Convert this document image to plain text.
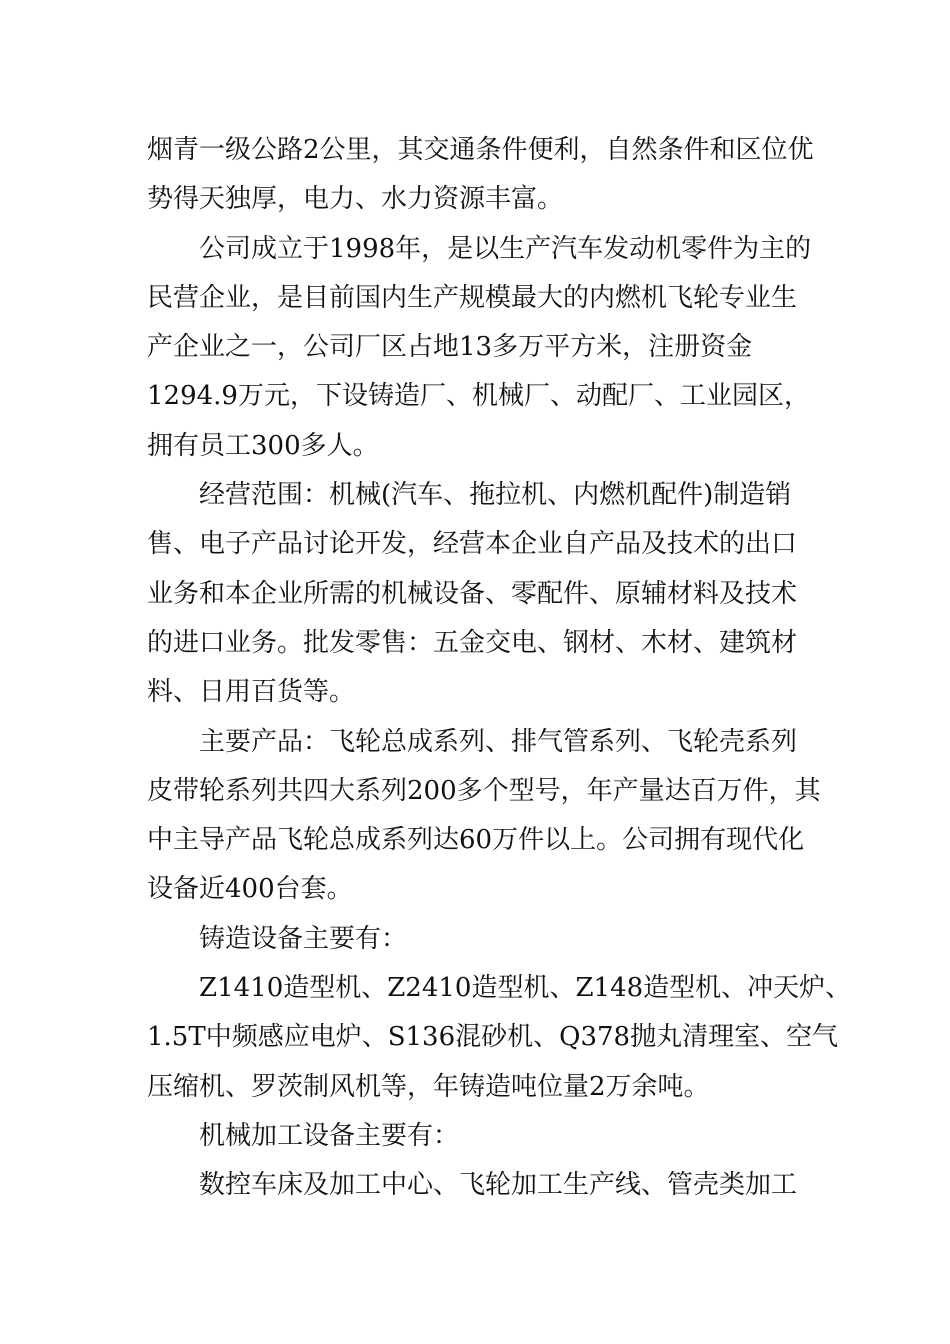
烟青一级公路2公里，其交通条件便利，自然条件和区位优
势得天独厚，电力、水力资源丰富。

公司成立于1998年，是以生产汽车发动机零件为主的
民营企业，是目前国内生产规模最大的内燃机飞轮专业生
产企业之一，公司厂区占地13多万平方米，注册资金
1294.9万元，下设铸造厂、机械厂、动配厂、工业园区，
拥有员工300多人。

经营范围：机械(汽车、拖拉机、内燃机配件)制造销
售、电子产品讨论开发，经营本企业自产品及技术的出口
业务和本企业所需的机械设备、零配件、原辅材料及技术
的进口业务。批发零售：五金交电、钢材、木材、建筑材
料、日用百货等。

主要产品：飞轮总成系列、排气管系列、飞轮壳系列
皮带轮系列共四大系列200多个型号，年产量达百万件，其
中主导产品飞轮总成系列达60万件以上。公司拥有现代化
设备近400台套。

铸造设备主要有：

Z1410造型机、Z2410造型机、Z148造型机、冲天炉、
1.5T中频感应电炉、S136混砂机、Q378抛丸清理室、空气
压缩机、罗茨制风机等，年铸造吨位量2万余吨。

机械加工设备主要有：

数控车床及加工中心、飞轮加工生产线、管壳类加工
